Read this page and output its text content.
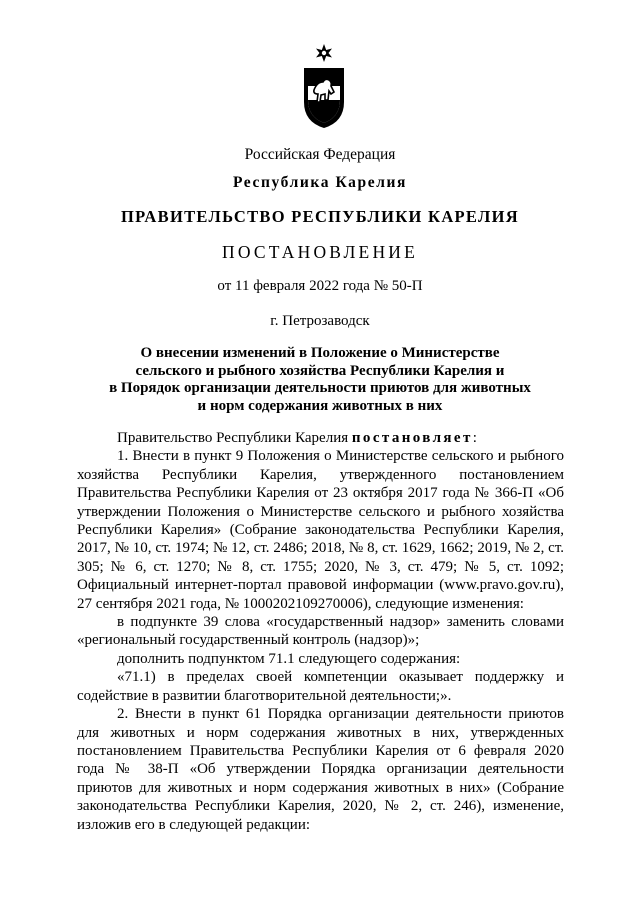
Российская Федерация
Республика Карелия
ПРАВИТЕЛЬСТВО РЕСПУБЛИКИ КАРЕЛИЯ
ПОСТАНОВЛЕНИЕ
от 11 февраля 2022 года № 50-П
г. Петрозаводск
О внесении изменений в Положение о Министерстве
сельского и рыбного хозяйства Республики Карелия и
в Порядок организации деятельности приютов для животных
и норм содержания животных в них

Правительство Республики Карелия постановляет:

1. Внести в пункт 9 Положения о Министерстве сельского и рыбного хозяйства Республики Карелия, утвержденного постановлением Правительства Республики Карелия от 23 октября 2017 года № 366-П «Об утверждении Положения о Министерстве сельского и рыбного хозяйства Республики Карелия» (Собрание законодательства Республики Карелия, 2017, № 10, ст. 1974; № 12, ст. 2486; 2018, № 8, ст. 1629, 1662; 2019, № 2, ст. 305; № 6, ст. 1270; № 8, ст. 1755; 2020, № 3, ст. 479; № 5, ст. 1092; Официальный интернет-портал правовой информации (www.pravo.gov.ru), 27 сентября 2021 года, № 1000202109270006), следующие изменения:

в подпункте 39 слова «государственный надзор» заменить словами «региональный государственный контроль (надзор)»;

дополнить подпунктом 71.1 следующего содержания:

«71.1) в пределах своей компетенции оказывает поддержку и содействие в развитии благотворительной деятельности;».

2. Внести в пункт 61 Порядка организации деятельности приютов для животных и норм содержания животных в них, утвержденных постановлением Правительства Республики Карелия от 6 февраля 2020 года № 38-П «Об утверждении Порядка организации деятельности приютов для животных и норм содержания животных в них» (Собрание законодательства Республики Карелия, 2020, № 2, ст. 246), изменение, изложив его в следующей редакции:
